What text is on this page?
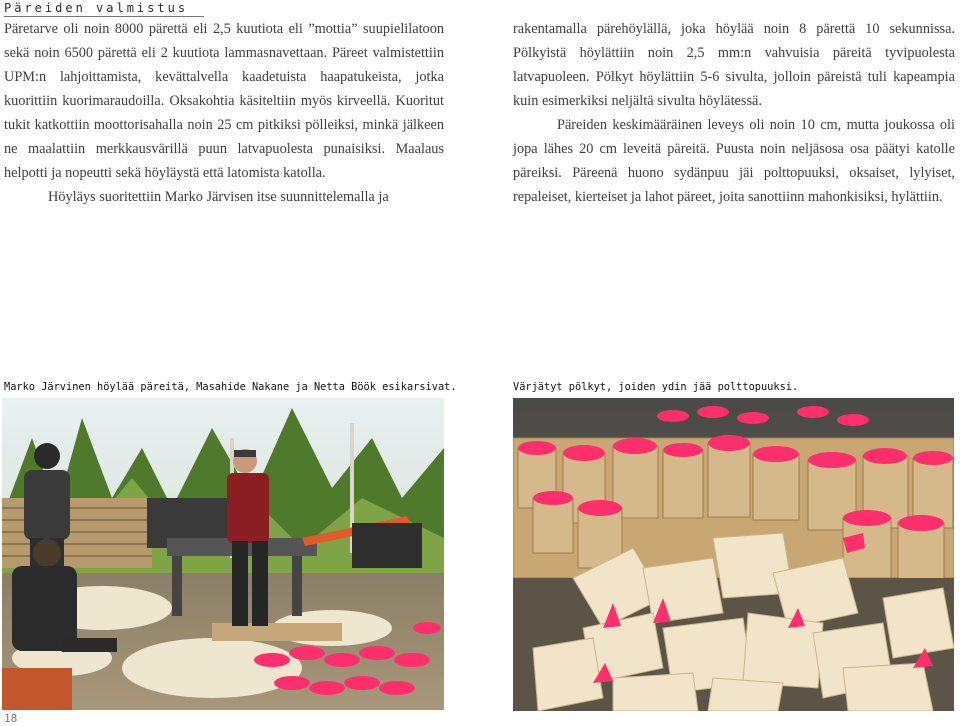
Päreiden valmistus

Päretarve oli noin 8000 pärettä eli 2,5 kuutiota eli ”mottia” suupielilatoon sekä noin 6500 pärettä eli 2 kuutiota lammasnavettaan. Päreet valmistettiin UPM:n lahjoittamista, kevättalvella kaadetuista haapatukeista, jotka kuorittiin kuorimaraudoilla. Oksakohtia käsiteltiin myös kirveellä. Kuoritut tukit katkottiin moottorisahalla noin 25 cm pitkiksi pölleiksi, minkä jälkeen ne maalattiin merkkausvärillä puun latvapuolesta punaisiksi. Maalaus helpotti ja nopeutti sekä höyläystä että latomista katolla.

Höyläys suoritettiin Marko Järvisen itse suunnittelemalla ja

rakentamalla pärehöylällä, joka höylää noin 8 pärettä 10 sekunnissa. Pölkyistä höylättiin noin 2,5 mm:n vahvuisia päreitä tyvipuolesta latvapuoleen. Pölkyt höylättiin 5-6 sivulta, jolloin päreistä tuli kapeampia kuin esimerkiksi neljältä sivulta höylätessä.

Päreiden keskimääräinen leveys oli noin 10 cm, mutta joukossa oli jopa lähes 20 cm leveitä päreitä. Puusta noin neljäsosa osa päätyi katolle päreiksi. Päreenä huono sydänpuu jäi polttopuuksi, oksaiset, lylyiset, repaleiset, kierteiset ja lahot päreet, joita sanottiinn mahonkisiksi, hylättiin.

Marko Järvinen höylää päreitä, Masahide Nakane ja Netta Böök esikarsivat.	Värjätyt pölkyt, joiden ydin jää polttopuuksi.
18
